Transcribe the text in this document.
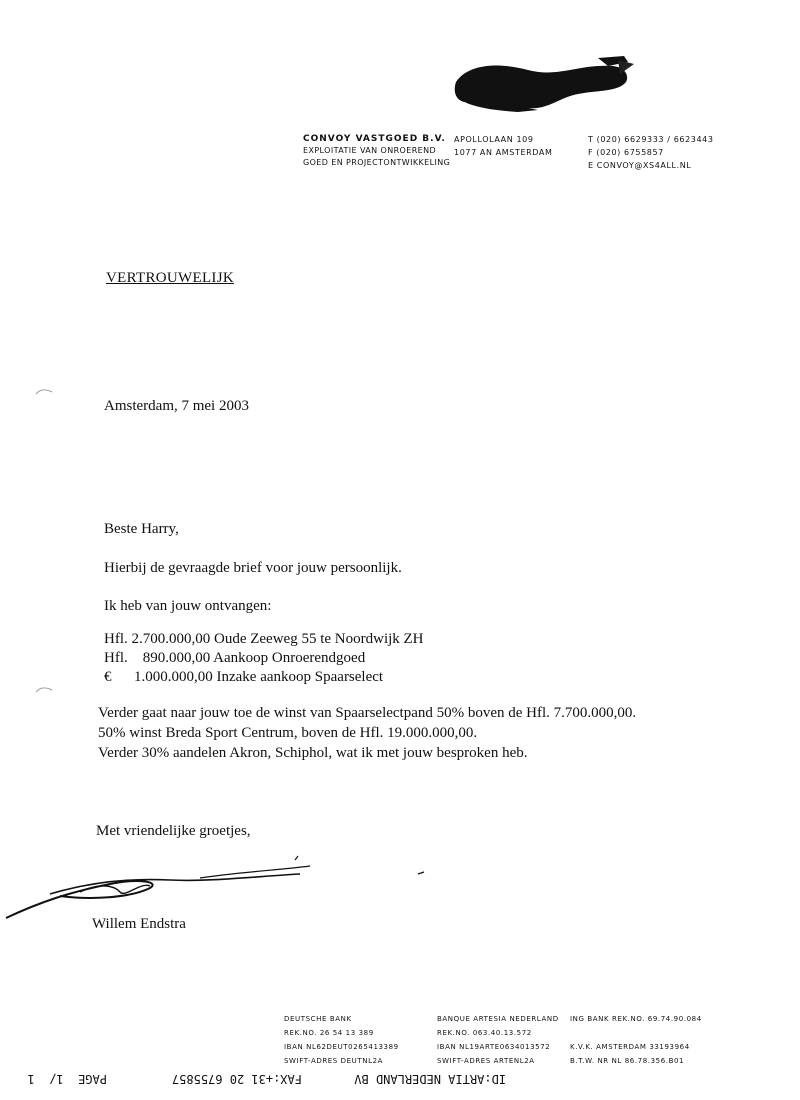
CONVOY VASTGOED B.V.
EXPLOITATIE VAN ONROEREND
GOED EN PROJECTONTWIKKELING
APOLLOLAAN 109
1077 AN AMSTERDAM
T (020) 6629333 / 6623443
F (020) 6755857
E CONVOY@XS4ALL.NL
VERTROUWELIJK
Amsterdam, 7 mei 2003
Beste Harry,
Hierbij de gevraagde brief voor jouw persoonlijk.
Ik heb van jouw ontvangen:
Hfl. 2.700.000,00 Oude Zeeweg 55 te Noordwijk ZH
Hfl.    890.000,00 Aankoop Onroerendgoed
€      1.000.000,00 Inzake aankoop Spaarselect
Verder gaat naar jouw toe de winst van Spaarselectpand 50% boven de Hfl. 7.700.000,00.
50% winst Breda Sport Centrum, boven de Hfl. 19.000.000,00.
Verder 30% aandelen Akron, Schiphol, wat ik met jouw besproken heb.
Met vriendelijke groetjes,
Willem Endstra
DEUTSCHE BANK
REK.NO. 26 54 13 389
IBAN NL62DEUT0265413389
SWIFT-ADRES DEUTNL2A
BANQUE ARTESIA NEDERLAND
REK.NO. 063.40.13.572
IBAN NL19ARTE0634013572
SWIFT-ADRES ARTENL2A
ING BANK REK.NO. 69.74.90.084

K.V.K. AMSTERDAM 33193964
B.T.W. NR NL 86.78.356.B01
ID:ARTIA NEDERLAND BV
FAX:+31 20 6755857
PAGE  1/  1
